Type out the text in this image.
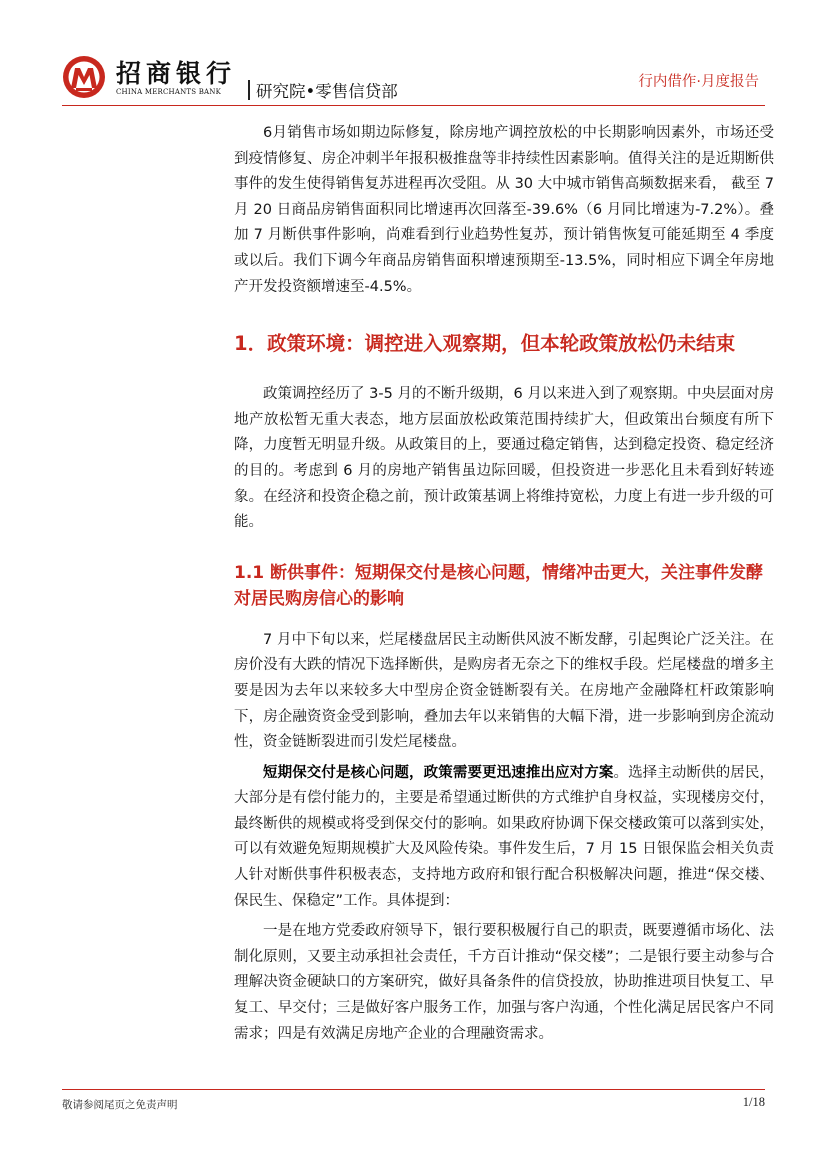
招商银行
CHINA MERCHANTS BANK 研究院•零售信贷部	行内借作·月度报告

6月销售市场如期边际修复，除房地产调控放松的中长期影响因素外，市场还受到疫情修复、房企冲刺半年报积极推盘等非持续性因素影响。值得关注的是近期断供事件的发生使得销售复苏进程再次受阻。从 30 大中城市销售高频数据来看， 截至 7 月 20 日商品房销售面积同比增速再次回落至-39.6%（6 月同比增速为-7.2%）。叠加 7 月断供事件影响，尚难看到行业趋势性复苏，预计销售恢复可能延期至 4 季度或以后。我们下调今年商品房销售面积增速预期至-13.5%，同时相应下调全年房地产开发投资额增速至-4.5%。

1．政策环境：调控进入观察期，但本轮政策放松仍未结束

政策调控经历了 3-5 月的不断升级期，6 月以来进入到了观察期。中央层面对房地产放松暂无重大表态，地方层面放松政策范围持续扩大，但政策出台频度有所下降，力度暂无明显升级。从政策目的上，要通过稳定销售，达到稳定投资、稳定经济的目的。考虑到 6 月的房地产销售虽边际回暖，但投资进一步恶化且未看到好转迹象。在经济和投资企稳之前，预计政策基调上将维持宽松，力度上有进一步升级的可能。

1.1 断供事件：短期保交付是核心问题，情绪冲击更大，关注事件发酵对居民购房信心的影响

7 月中下旬以来，烂尾楼盘居民主动断供风波不断发酵，引起舆论广泛关注。在房价没有大跌的情况下选择断供，是购房者无奈之下的维权手段。烂尾楼盘的增多主要是因为去年以来较多大中型房企资金链断裂有关。在房地产金融降杠杆政策影响下，房企融资资金受到影响，叠加去年以来销售的大幅下滑，进一步影响到房企流动性，资金链断裂进而引发烂尾楼盘。

短期保交付是核心问题，政策需要更迅速推出应对方案。选择主动断供的居民，大部分是有偿付能力的，主要是希望通过断供的方式维护自身权益，实现楼房交付，最终断供的规模或将受到保交付的影响。如果政府协调下保交楼政策可以落到实处，可以有效避免短期规模扩大及风险传染。事件发生后，7 月 15 日银保监会相关负责人针对断供事件积极表态，支持地方政府和银行配合积极解决问题，推进“保交楼、保民生、保稳定”工作。具体提到：

一是在地方党委政府领导下，银行要积极履行自己的职责，既要遵循市场化、法制化原则，又要主动承担社会责任，千方百计推动“保交楼”；二是银行要主动参与合理解决资金硬缺口的方案研究，做好具备条件的信贷投放，协助推进项目快复工、早复工、早交付；三是做好客户服务工作，加强与客户沟通，个性化满足居民客户不同需求；四是有效满足房地产企业的合理融资需求。

敬请参阅尾页之免责声明	1/18
